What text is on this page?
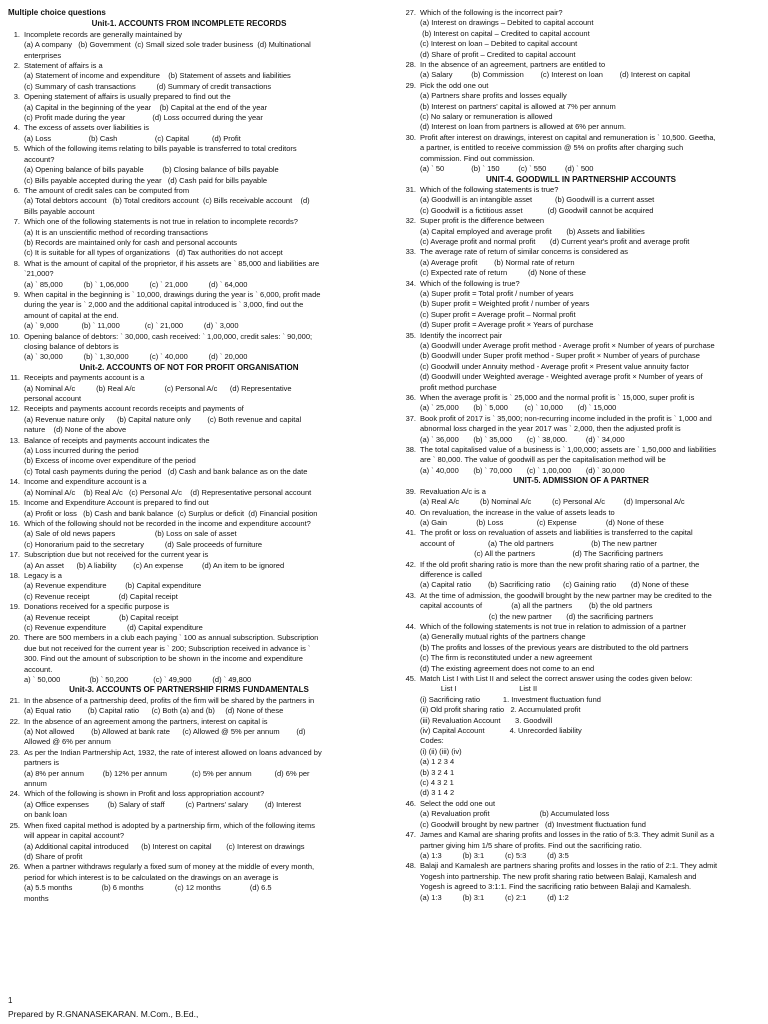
Multiple choice questions
Unit-1. ACCOUNTS FROM INCOMPLETE RECORDS
1. Incomplete records are generally maintained by
(a) A company   (b) Government  (c) Small sized sole trader business  (d) Multinational
enterprises
2. Statement of affairs is a
(a) Statement of income and expenditure    (b) Statement of assets and liabilities
(c) Summary of cash transactions          (d) Summary of credit transactions
3. Opening statement of affairs is usually prepared to find out the
(a) Capital in the beginning of the year    (b) Capital at the end of the year
(c) Profit made during the year             (d) Loss occurred during the year
4. The excess of assets over liabilities is
(a) Loss                  (b) Cash                  (c) Capital           (d) Profit
5. Which of the following items relating to bills payable is transferred to total creditors
account?
(a) Opening balance of bills payable         (b) Closing balance of bills payable
(c) Bills payable accepted during the year   (d) Cash paid for bills payable
6. The amount of credit sales can be computed from
(a) Total debtors account   (b) Total creditors account  (c) Bills receivable account    (d)
Bills payable account
7. Which one of the following statements is not true in relation to incomplete records?
(a) It is an unscientific method of recording transactions
(b) Records are maintained only for cash and personal accounts
(c) It is suitable for all types of organizations   (d) Tax authorities do not accept
8. What is the amount of capital of the proprietor, if his assets are ` 85,000 and liabilities are
`21,000?
(a) ` 85,000          (b) ` 1,06,000          (c) ` 21,000          (d) ` 64,000
9. When capital in the beginning is ` 10,000, drawings during the year is ` 6,000, profit made
during the year is ` 2,000 and the additional capital introduced is ` 3,000, find out the
amount of capital at the end.
(a) ` 9,000           (b) ` 11,000            (c) ` 21,000          (d) ` 3,000
10. Opening balance of debtors: ` 30,000, cash received: ` 1,00,000, credit sales: ` 90,000;
closing balance of debtors is
(a) ` 30,000          (b) ` 1,30,000          (c) ` 40,000          (d) ` 20,000
Unit-2. ACCOUNTS OF NOT FOR PROFIT ORGANISATION
11. Receipts and payments account is a
(a) Nominal A/c          (b) Real A/c              (c) Personal A/c      (d) Representative
personal account
12. Receipts and payments account records receipts and payments of
(a) Revenue nature only      (b) Capital nature only        (c) Both revenue and capital
nature    (d) None of the above
13. Balance of receipts and payments account indicates the
(a) Loss incurred during the period
(b) Excess of income over expenditure of the period
(c) Total cash payments during the period   (d) Cash and bank balance as on the date
14. Income and expenditure account is a
(a) Nominal A/c    (b) Real A/c   (c) Personal A/c    (d) Representative personal account
15. Income and Expenditure Account is prepared to find out
(a) Profit or loss   (b) Cash and bank balance  (c) Surplus or deficit  (d) Financial position
16. Which of the following should not be recorded in the income and expenditure account?
(a) Sale of old news papers                   (b) Loss on sale of asset
(c) Honorarium paid to the secretary          (d) Sale proceeds of furniture
17. Subscription due but not received for the current year is
(a) An asset      (b) A liability        (c) An expense         (d) An item to be ignored
18. Legacy is a
(a) Revenue expenditure         (b) Capital expenditure
(c) Revenue receipt              (d) Capital receipt
19. Donations received for a specific purpose is
(a) Revenue receipt              (b) Capital receipt
(c) Revenue expenditure          (d) Capital expenditure
20. There are 500 members in a club each paying ` 100 as annual subscription. Subscription
due but not received for the current year is ` 200; Subscription received in advance is `
300. Find out the amount of subscription to be shown in the income and expenditure
account.
a) ` 50,000              (b) ` 50,200            (c) ` 49,900          (d) ` 49,800
Unit-3. ACCOUNTS OF PARTNERSHIP FIRMS FUNDAMENTALS
21. In the absence of a partnership deed, profits of the firm will be shared by the partners in
(a) Equal ratio        (b) Capital ratio      (c) Both (a) and (b)     (d) None of these
22. In the absence of an agreement among the partners, interest on capital is
(a) Not allowed        (b) Allowed at bank rate      (c) Allowed @ 5% per annum        (d)
Allowed @ 6% per annum
23. As per the Indian Partnership Act, 1932, the rate of interest allowed on loans advanced by
partners is
(a) 8% per annum         (b) 12% per annum            (c) 5% per annum           (d) 6% per
annum
24. Which of the following is shown in Profit and loss appropriation account?
(a) Office expenses         (b) Salary of staff          (c) Partners' salary        (d) Interest
on bank loan
25. When fixed capital method is adopted by a partnership firm, which of the following items
will appear in capital account?
(a) Additional capital introduced      (b) Interest on capital       (c) Interest on drawings
(d) Share of profit
26. When a partner withdraws regularly a fixed sum of money at the middle of every month,
period for which interest is to be calculated on the drawings on an average is
(a) 5.5 months              (b) 6 months               (c) 12 months              (d) 6.5
months
27. Which of the following is the incorrect pair?
(a) Interest on drawings – Debited to capital account
(b) Interest on capital – Credited to capital account
(c) Interest on loan – Debited to capital account
(d) Share of profit – Credited to capital account
28. In the absence of an agreement, partners are entitled to
(a) Salary         (b) Commission        (c) Interest on loan        (d) Interest on capital
29. Pick the odd one out
(a) Partners share profits and losses equally
(b) Interest on partners' capital is allowed at 7% per annum
(c) No salary or remuneration is allowed
(d) Interest on loan from partners is allowed at 6% per annum.
30. Profit after interest on drawings, interest on capital and remuneration is ` 10,500. Geetha,
a partner, is entitled to receive commission @ 5% on profits after charging such
commission. Find out commission.
(a) ` 50             (b) ` 150         (c) ` 550         (d) ` 500
UNIT-4. GOODWILL IN PARTNERSHIP ACCOUNTS
31. Which of the following statements is true?
(a) Goodwill is an intangible asset           (b) Goodwill is a current asset
(c) Goodwill is a fictitious asset            (d) Goodwill cannot be acquired
32. Super profit is the difference between
(a) Capital employed and average profit       (b) Assets and liabilities
(c) Average profit and normal profit       (d) Current year's profit and average profit
33. The average rate of return of similar concerns is considered as
(a) Average profit        (b) Normal rate of return
(c) Expected rate of return          (d) None of these
34. Which of the following is true?
(a) Super profit = Total profit / number of years
(b) Super profit = Weighted profit / number of years
(c) Super profit = Average profit – Normal profit
(d) Super profit = Average profit × Years of purchase
35. Identify the incorrect pair
(a) Goodwill under Average profit method - Average profit × Number of years of purchase
(b) Goodwill under Super profit method - Super profit × Number of years of purchase
(c) Goodwill under Annuity method - Average profit × Present value annuity factor
(d) Goodwill under Weighted average - Weighted average profit × Number of years of
profit method purchase
36. When the average profit is ` 25,000 and the normal profit is ` 15,000, super profit is
(a) ` 25,000       (b) ` 5,000        (c) ` 10,000       (d) ` 15,000
37. Book profit of 2017 is ` 35,000; non-recurring income included in the profit is ` 1,000 and
abnormal loss charged in the year 2017 was ` 2,000, then the adjusted profit is
(a) ` 36,000       (b) ` 35,000       (c) ` 38,000.         (d) ` 34,000
38. The total capitalised value of a business is ` 1,00,000; assets are ` 1,50,000 and liabilities
are ` 80,000. The value of goodwill as per the capitalisation method will be
(a) ` 40,000       (b) ` 70,000       (c) ` 1,00,000       (d) ` 30,000
UNIT-5. ADMISSION OF A PARTNER
39. Revaluation A/c is a
(a) Real A/c          (b) Nominal A/c          (c) Personal A/c         (d) Impersonal A/c
40. On revaluation, the increase in the value of assets leads to
(a) Gain              (b) Loss                (c) Expense              (d) None of these
41. The profit or loss on revaluation of assets and liabilities is transferred to the capital
account of                (a) The old partners                  (b) The new partner
(c) All the partners                  (d) The Sacrificing partners
42. If the old profit sharing ratio is more than the new profit sharing ratio of a partner, the
difference is called
(a) Capital ratio        (b) Sacrificing ratio      (c) Gaining ratio       (d) None of these
43. At the time of admission, the goodwill brought by the new partner may be credited to the
capital accounts of              (a) all the partners        (b) the old partners
(c) the new partner       (d) the sacrificing partners
44. Which of the following statements is not true in relation to admission of a partner
(a) Generally mutual rights of the partners change
(b) The profits and losses of the previous years are distributed to the old partners
(c) The firm is reconstituted under a new agreement
(d) The existing agreement does not come to an end
45. Match List I with List II and select the correct answer using the codes given below:
List I                              List II
(i) Sacrificing ratio           1. Investment fluctuation fund
(ii) Old profit sharing ratio   2. Accumulated profit
(iii) Revaluation Account       3. Goodwill
(iv) Capital Account            4. Unrecorded liability
Codes:
(i) (ii) (iii) (iv)
(a) 1 2 3 4
(b) 3 2 4 1
(c) 4 3 2 1
(d) 3 1 4 2
46. Select the odd one out
(a) Revaluation profit                        (b) Accumulated loss
(c) Goodwill brought by new partner   (d) Investment fluctuation fund
47. James and Kamal are sharing profits and losses in the ratio of 5:3. They admit Sunil as a
partner giving him 1/5 share of profits. Find out the sacrificing ratio.
(a) 1:3          (b) 3:1          (c) 5:3          (d) 3:5
48. Balaji and Kamalesh are partners sharing profits and losses in the ratio of 2:1. They admit
Yogesh into partnership. The new profit sharing ratio between Balaji, Kamalesh and
Yogesh is agreed to 3:1:1. Find the sacrificing ratio between Balaji and Kamalesh.
(a) 1:3          (b) 3:1          (c) 2:1          (d) 1:2
1
Prepared by R.GNANASEKARAN. M.Com., B.Ed.,
